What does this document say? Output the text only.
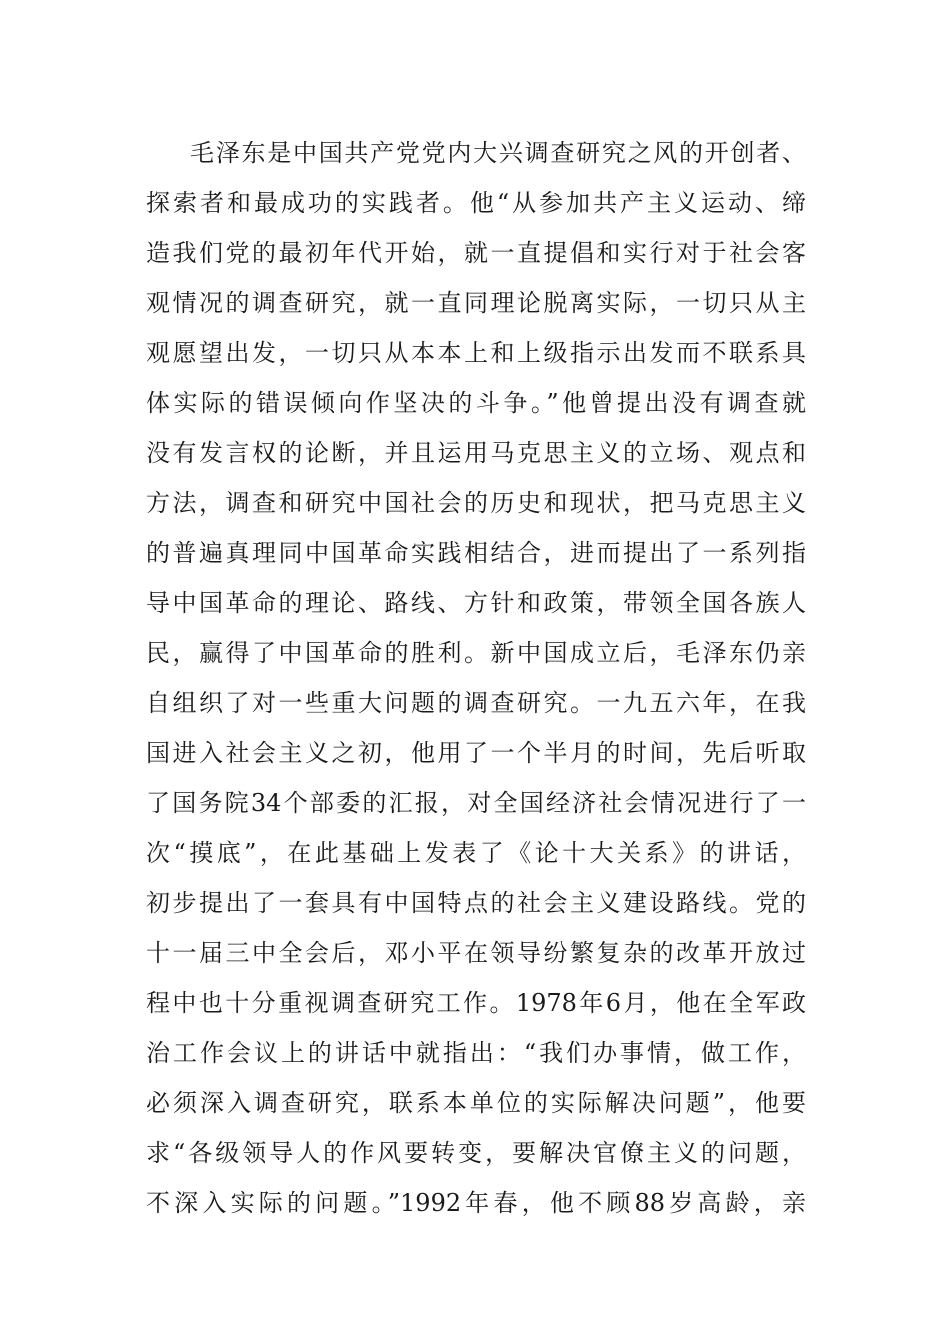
毛泽东是中国共产党党内大兴调查研究之风的开创者、
探索者和最成功的实践者。他“从参加共产主义运动、缔
造我们党的最初年代开始，就一直提倡和实行对于社会客
观情况的调查研究，就一直同理论脱离实际，一切只从主
观愿望出发，一切只从本本上和上级指示出发而不联系具
体实际的错误倾向作坚决的斗争。”他曾提出没有调查就
没有发言权的论断，并且运用马克思主义的立场、观点和
方法，调查和研究中国社会的历史和现状，把马克思主义
的普遍真理同中国革命实践相结合，进而提出了一系列指
导中国革命的理论、路线、方针和政策，带领全国各族人
民，赢得了中国革命的胜利。新中国成立后，毛泽东仍亲
自组织了对一些重大问题的调查研究。一九五六年，在我
国进入社会主义之初，他用了一个半月的时间，先后听取
了国务院34个部委的汇报，对全国经济社会情况进行了一
次“摸底”，在此基础上发表了《论十大关系》的讲话，
初步提出了一套具有中国特点的社会主义建设路线。党的
十一届三中全会后，邓小平在领导纷繁复杂的改革开放过
程中也十分重视调查研究工作。1978年6月，他在全军政
治工作会议上的讲话中就指出：“我们办事情，做工作，
必须深入调查研究，联系本单位的实际解决问题”，他要
求“各级领导人的作风要转变，要解决官僚主义的问题，
不深入实际的问题。”1992年春，他不顾88岁高龄，亲
